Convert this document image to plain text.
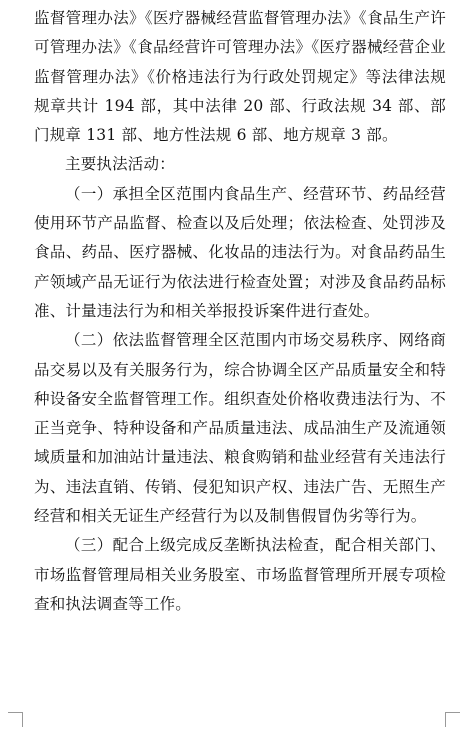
监督管理办法》《医疗器械经营监督管理办法》《食品生产许可管理办法》《食品经营许可管理办法》《医疗器械经营企业监督管理办法》《价格违法行为行政处罚规定》等法律法规规章共计 194 部，其中法律 20 部、行政法规 34 部、部门规章 131 部、地方性法规 6 部、地方规章 3 部。

主要执法活动：

（一）承担全区范围内食品生产、经营环节、药品经营使用环节产品监督、检查以及后处理；依法检查、处罚涉及食品、药品、医疗器械、化妆品的违法行为。对食品药品生产领域产品无证行为依法进行检查处置；对涉及食品药品标准、计量违法行为和相关举报投诉案件进行查处。

（二）依法监督管理全区范围内市场交易秩序、网络商品交易以及有关服务行为，综合协调全区产品质量安全和特种设备安全监督管理工作。组织查处价格收费违法行为、不正当竞争、特种设备和产品质量违法、成品油生产及流通领域质量和加油站计量违法、粮食购销和盐业经营有关违法行为、违法直销、传销、侵犯知识产权、违法广告、无照生产经营和相关无证生产经营行为以及制售假冒伪劣等行为。

（三）配合上级完成反垄断执法检查，配合相关部门、市场监督管理局相关业务股室、市场监督管理所开展专项检查和执法调查等工作。
